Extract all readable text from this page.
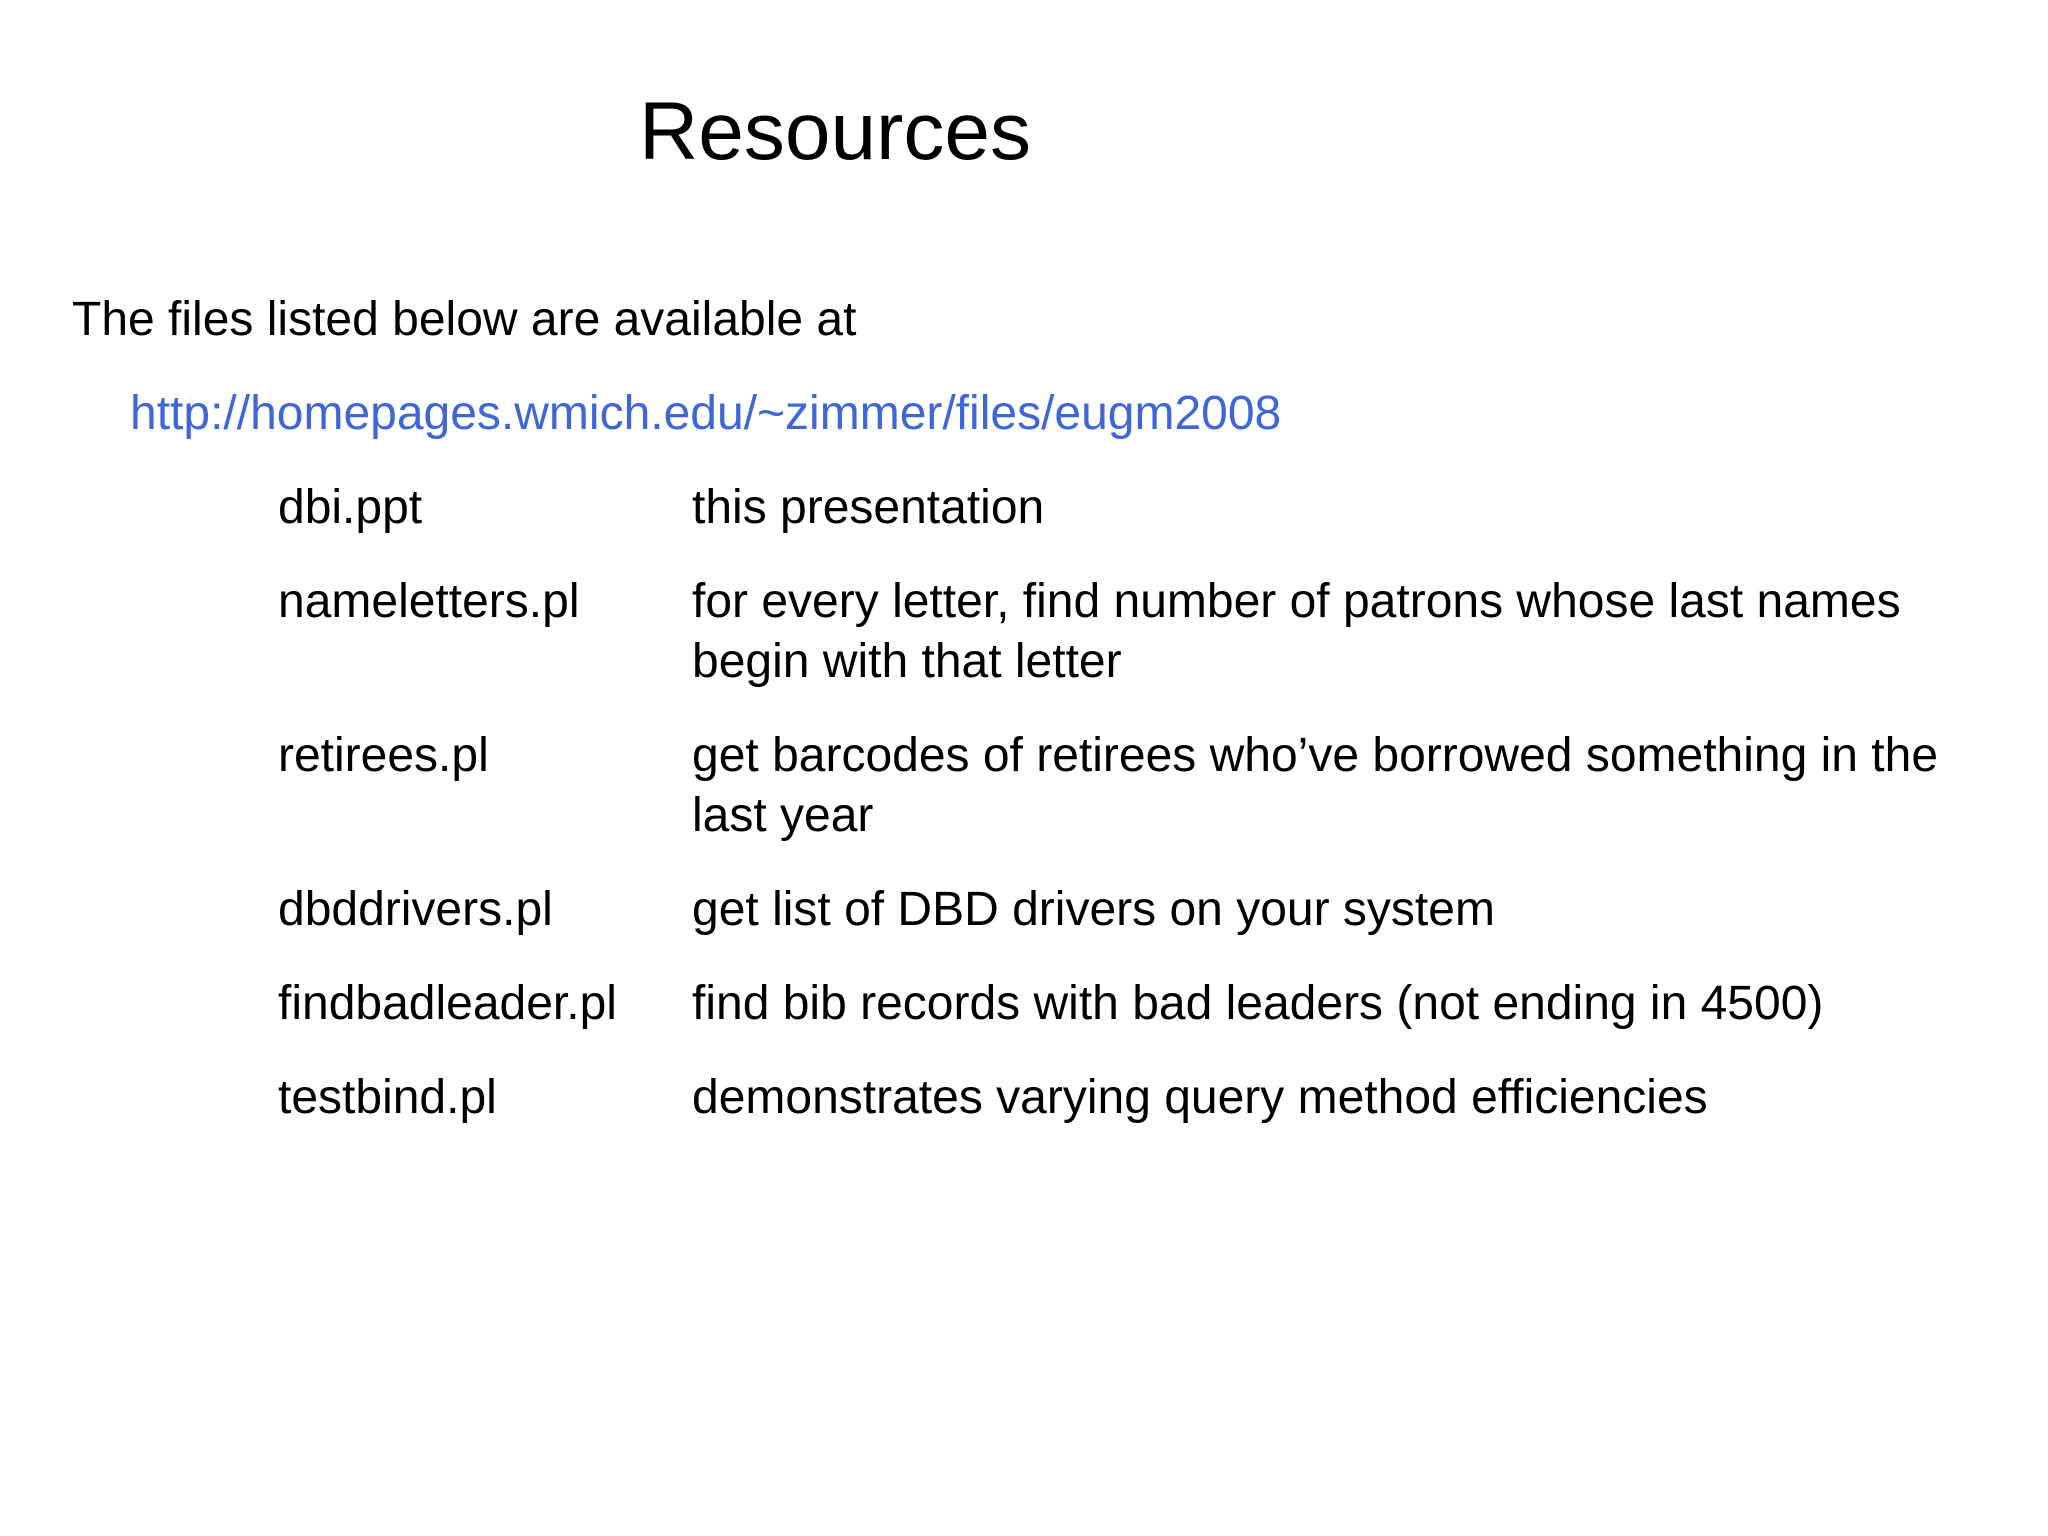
Resources
The files listed below are available at
http://homepages.wmich.edu/~zimmer/files/eugm2008
dbi.ppt	this presentation
nameletters.pl	for every letter, find number of patrons whose last names begin with that letter
retirees.pl	get barcodes of retirees who’ve borrowed something in the last year
dbddrivers.pl	get list of DBD drivers on your system
findbadleader.pl	find bib records with bad leaders (not ending in 4500)
testbind.pl	demonstrates varying query method efficiencies
